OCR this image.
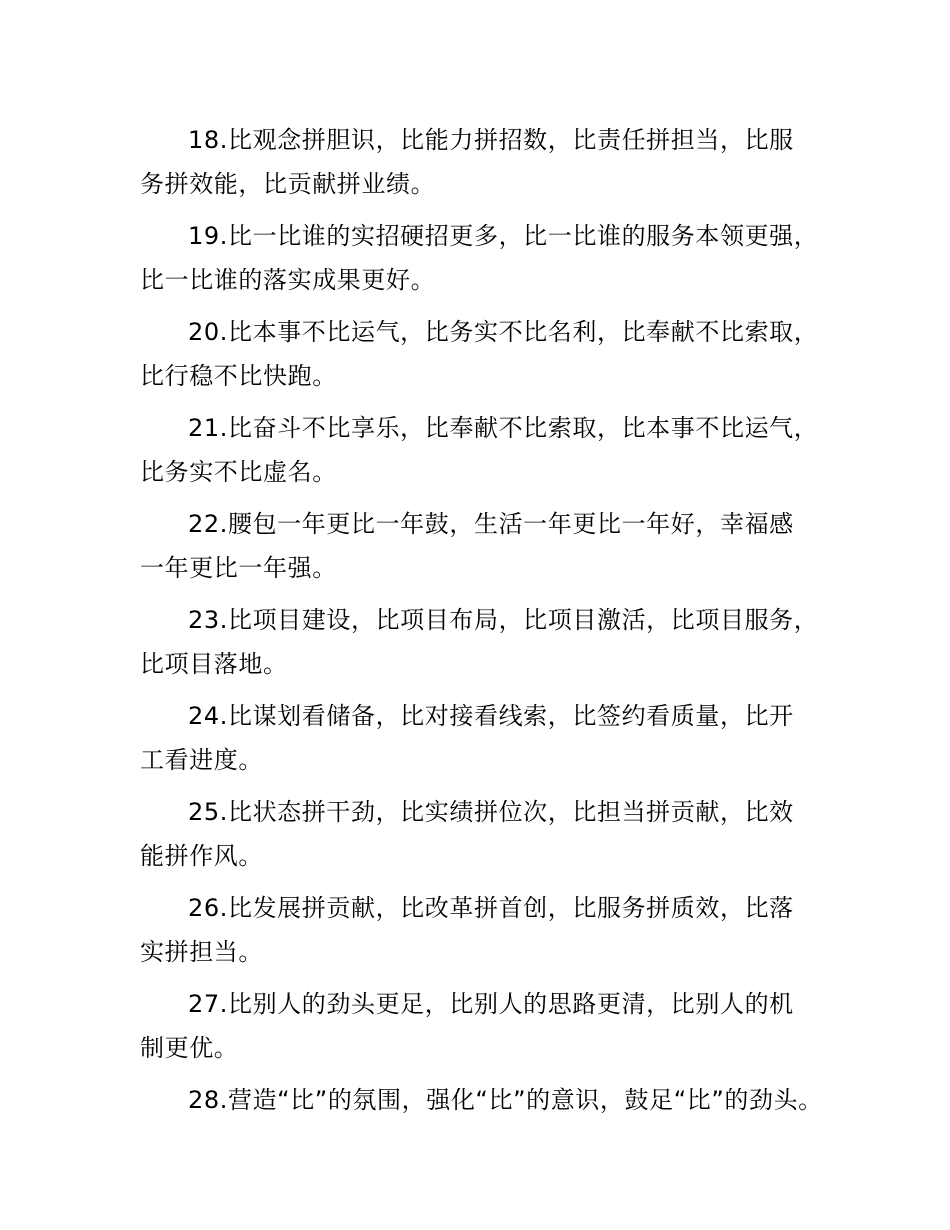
18.比观念拼胆识，比能力拼招数，比责任拼担当，比服
务拼效能，比贡献拼业绩。

19.比一比谁的实招硬招更多，比一比谁的服务本领更强，
比一比谁的落实成果更好。

20.比本事不比运气，比务实不比名利，比奉献不比索取，
比行稳不比快跑。

21.比奋斗不比享乐，比奉献不比索取，比本事不比运气，
比务实不比虚名。

22.腰包一年更比一年鼓，生活一年更比一年好，幸福感
一年更比一年强。

23.比项目建设，比项目布局，比项目激活，比项目服务，
比项目落地。

24.比谋划看储备，比对接看线索，比签约看质量，比开
工看进度。

25.比状态拼干劲，比实绩拼位次，比担当拼贡献，比效
能拼作风。

26.比发展拼贡献，比改革拼首创，比服务拼质效，比落
实拼担当。

27.比别人的劲头更足，比别人的思路更清，比别人的机
制更优。

28.营造“比”的氛围，强化“比”的意识，鼓足“比”的劲头。
